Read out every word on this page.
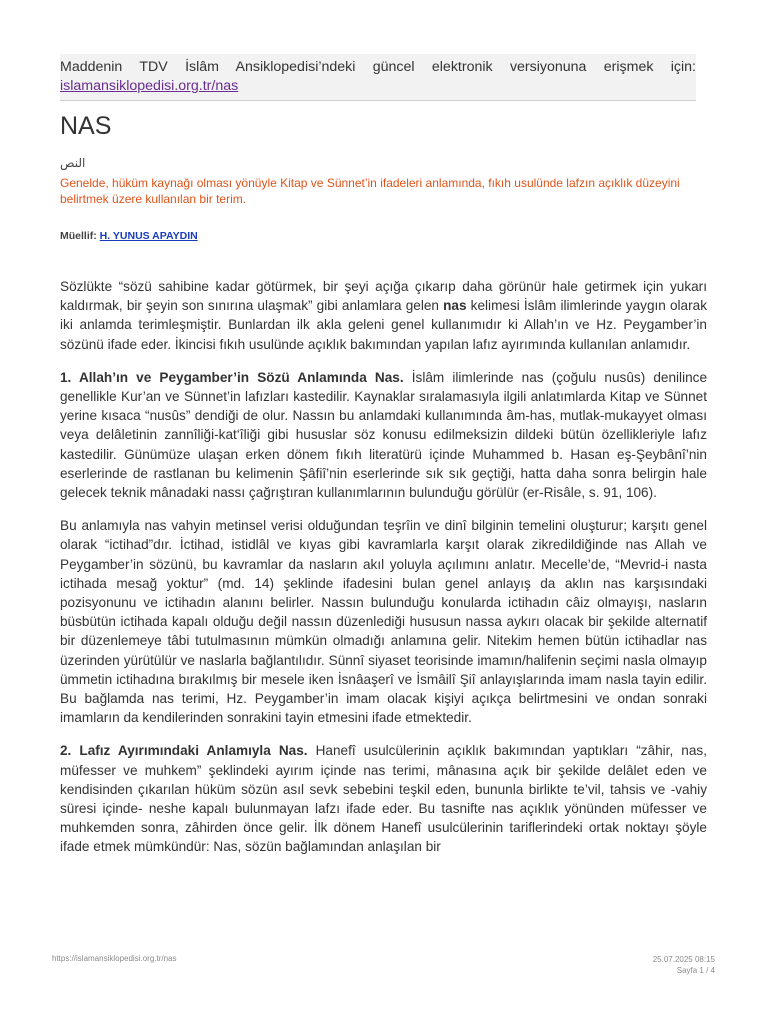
Maddenin TDV İslâm Ansiklopedisi’ndeki güncel elektronik versiyonuna erişmek için:
islamansiklopedisi.org.tr/nas
NAS
النص
Genelde, hüküm kaynağı olması yönüyle Kitap ve Sünnet’in ifadeleri anlamında, fıkıh usulünde lafzın açıklık düzeyini belirtmek üzere kullanılan bir terim.
Müellif: H. YUNUS APAYDIN

Sözlükte “sözü sahibine kadar götürmek, bir şeyi açığa çıkarıp daha görünür hale getirmek için yukarı kaldırmak, bir şeyin son sınırına ulaşmak” gibi anlamlara gelen nas kelimesi İslâm ilimlerinde yaygın olarak iki anlamda terimleşmiştir. Bunlardan ilk akla geleni genel kullanımıdır ki Allah’ın ve Hz. Peygamber’in sözünü ifade eder. İkincisi fıkıh usulünde açıklık bakımından yapılan lafız ayırımında kullanılan anlamıdır.

1. Allah’ın ve Peygamber’in Sözü Anlamında Nas. İslâm ilimlerinde nas (çoğulu nusûs) denilince genellikle Kur’an ve Sünnet’in lafızları kastedilir. Kaynaklar sıralamasıyla ilgili anlatımlarda Kitap ve Sünnet yerine kısaca “nusûs” dendiği de olur. Nassın bu anlamdaki kullanımında âm-has, mutlak-mukayyet olması veya delâletinin zannîliği-kat‘îliği gibi hususlar söz konusu edilmeksizin dildeki bütün özellikleriyle lafız kastedilir. Günümüze ulaşan erken dönem fıkıh literatürü içinde Muhammed b. Hasan eş-Şeybânî’nin eserlerinde de rastlanan bu kelimenin Şâfiî’nin eserlerinde sık sık geçtiği, hatta daha sonra belirgin hale gelecek teknik mânadaki nassı çağrıştıran kullanımlarının bulunduğu görülür (er-Risâle, s. 91, 106).

Bu anlamıyla nas vahyin metinsel verisi olduğundan teşrîin ve dinî bilginin temelini oluşturur; karşıtı genel olarak “ictihad”dır. İctihad, istidlâl ve kıyas gibi kavramlarla karşıt olarak zikredildiğinde nas Allah ve Peygamber’in sözünü, bu kavramlar da nasların akıl yoluyla açılımını anlatır. Mecelle’de, “Mevrid-i nasta ictihada mesağ yoktur” (md. 14) şeklinde ifadesini bulan genel anlayış da aklın nas karşısındaki pozisyonunu ve ictihadın alanını belirler. Nassın bulunduğu konularda ictihadın câiz olmayışı, nasların büsbütün ictihada kapalı olduğu değil nassın düzenlediği hususun nassa aykırı olacak bir şekilde alternatif bir düzenlemeye tâbi tutulmasının mümkün olmadığı anlamına gelir. Nitekim hemen bütün ictihadlar nas üzerinden yürütülür ve naslarla bağlantılıdır. Sünnî siyaset teorisinde imamın/halifenin seçimi nasla olmayıp ümmetin ictihadına bırakılmış bir mesele iken İsnâaşerî ve İsmâilî Şiî anlayışlarında imam nasla tayin edilir. Bu bağlamda nas terimi, Hz. Peygamber’in imam olacak kişiyi açıkça belirtmesini ve ondan sonraki imamların da kendilerinden sonrakini tayin etmesini ifade etmektedir.

2. Lafız Ayırımındaki Anlamıyla Nas. Hanefî usulcülerinin açıklık bakımından yaptıkları “zâhir, nas, müfesser ve muhkem” şeklindeki ayırım içinde nas terimi, mânasına açık bir şekilde delâlet eden ve kendisinden çıkarılan hüküm sözün asıl sevk sebebini teşkil eden, bununla birlikte te’vil, tahsis ve -vahiy süresi içinde- neshe kapalı bulunmayan lafzı ifade eder. Bu tasnifte nas açıklık yönünden müfesser ve muhkemden sonra, zâhirden önce gelir. İlk dönem Hanefî usulcülerinin tariflerindeki ortak noktayı şöyle ifade etmek mümkündür: Nas, sözün bağlamından anlaşılan bir

https://islamansiklopedisi.org.tr/nas	25.07.2025 08:15
Sayfa 1 / 4
